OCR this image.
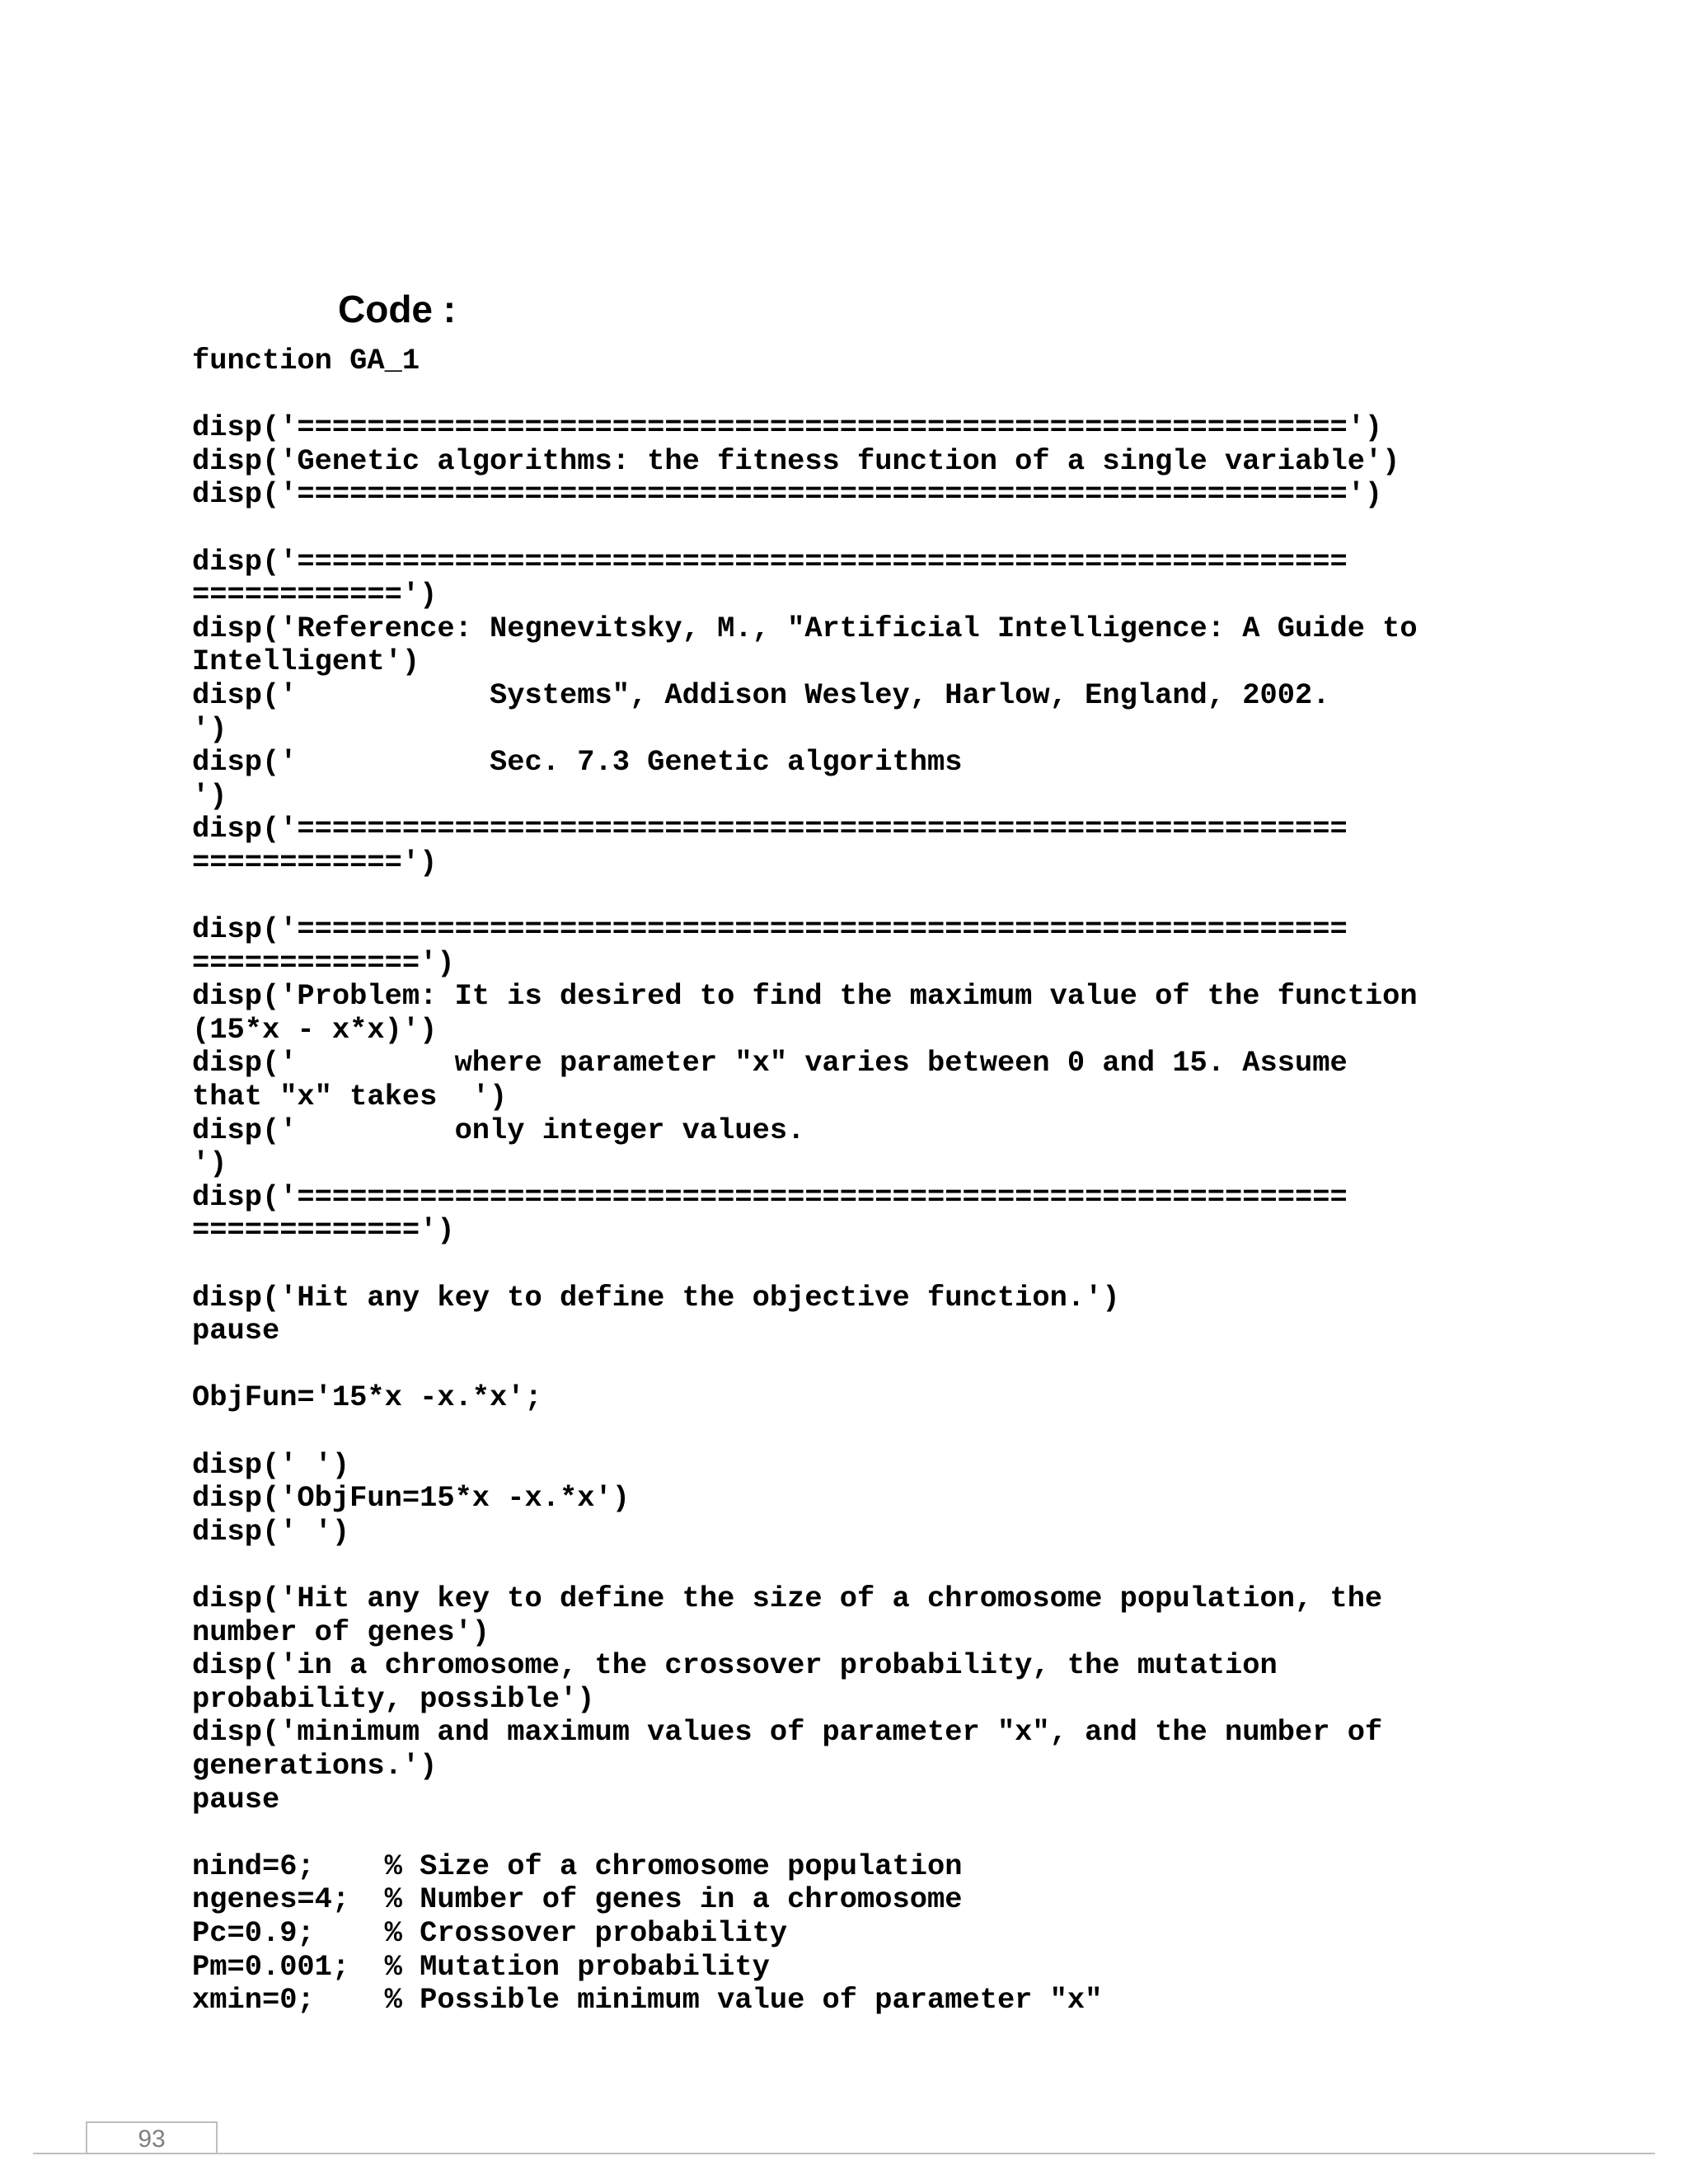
Code :
function GA_1
disp('============================================================')
disp('Genetic algorithms: the fitness function of a single variable')
disp('============================================================')
disp('============================================================
============')
disp('Reference: Negnevitsky, M., "Artificial Intelligence: A Guide to
Intelligent')
disp('           Systems", Addison Wesley, Harlow, England, 2002.
')
disp('           Sec. 7.3 Genetic algorithms
')
disp('============================================================
============')
disp('============================================================
=============')
disp('Problem: It is desired to find the maximum value of the function
(15*x - x*x)')
disp('         where parameter "x" varies between 0 and 15. Assume
that "x" takes  ')
disp('         only integer values.
')
disp('============================================================
=============')
disp('Hit any key to define the objective function.')
pause
ObjFun='15*x -x.*x';
disp(' ')
disp('ObjFun=15*x -x.*x')
disp(' ')
disp('Hit any key to define the size of a chromosome population, the
number of genes')
disp('in a chromosome, the crossover probability, the mutation
probability, possible')
disp('minimum and maximum values of parameter "x", and the number of
generations.')
pause
nind=6;    % Size of a chromosome population
ngenes=4;  % Number of genes in a chromosome
Pc=0.9;    % Crossover probability
Pm=0.001;  % Mutation probability
xmin=0;    % Possible minimum value of parameter "x"
93
